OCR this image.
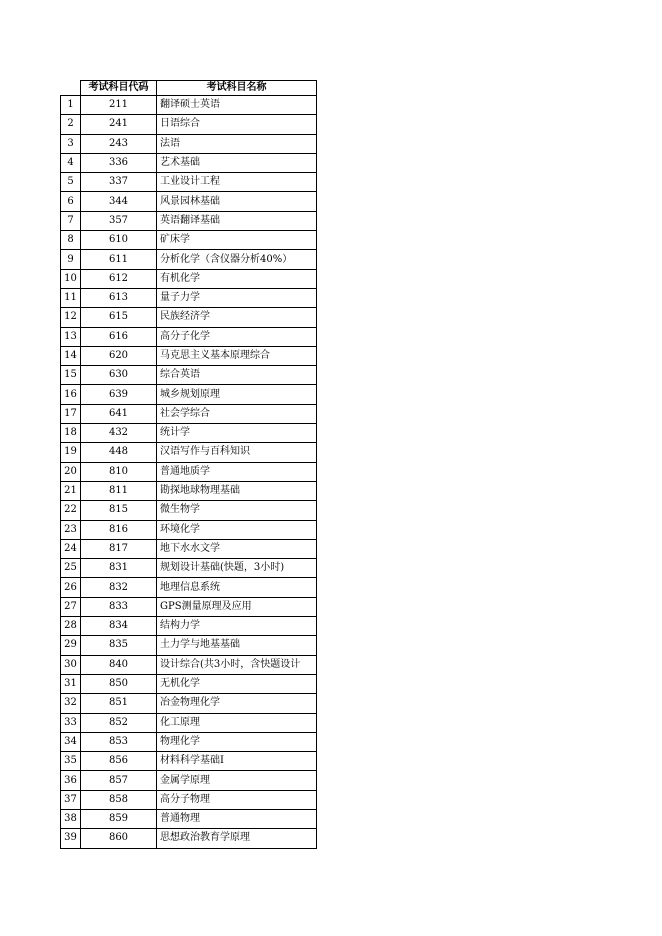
	考试科目代码	考试科目名称
1	211	翻译硕士英语
2	241	日语综合
3	243	法语
4	336	艺术基础
5	337	工业设计工程
6	344	风景园林基础
7	357	英语翻译基础
8	610	矿床学
9	611	分析化学（含仪器分析40%）
10	612	有机化学
11	613	量子力学
12	615	民族经济学
13	616	高分子化学
14	620	马克思主义基本原理综合
15	630	综合英语
16	639	城乡规划原理
17	641	社会学综合
18	432	统计学
19	448	汉语写作与百科知识
20	810	普通地质学
21	811	勘探地球物理基础
22	815	微生物学
23	816	环境化学
24	817	地下水水文学
25	831	规划设计基础(快题，3小时)
26	832	地理信息系统
27	833	GPS测量原理及应用
28	834	结构力学
29	835	土力学与地基基础
30	840	设计综合(共3小时，含快题设计
31	850	无机化学
32	851	冶金物理化学
33	852	化工原理
34	853	物理化学
35	856	材料科学基础Ⅰ
36	857	金属学原理
37	858	高分子物理
38	859	普通物理
39	860	思想政治教育学原理
